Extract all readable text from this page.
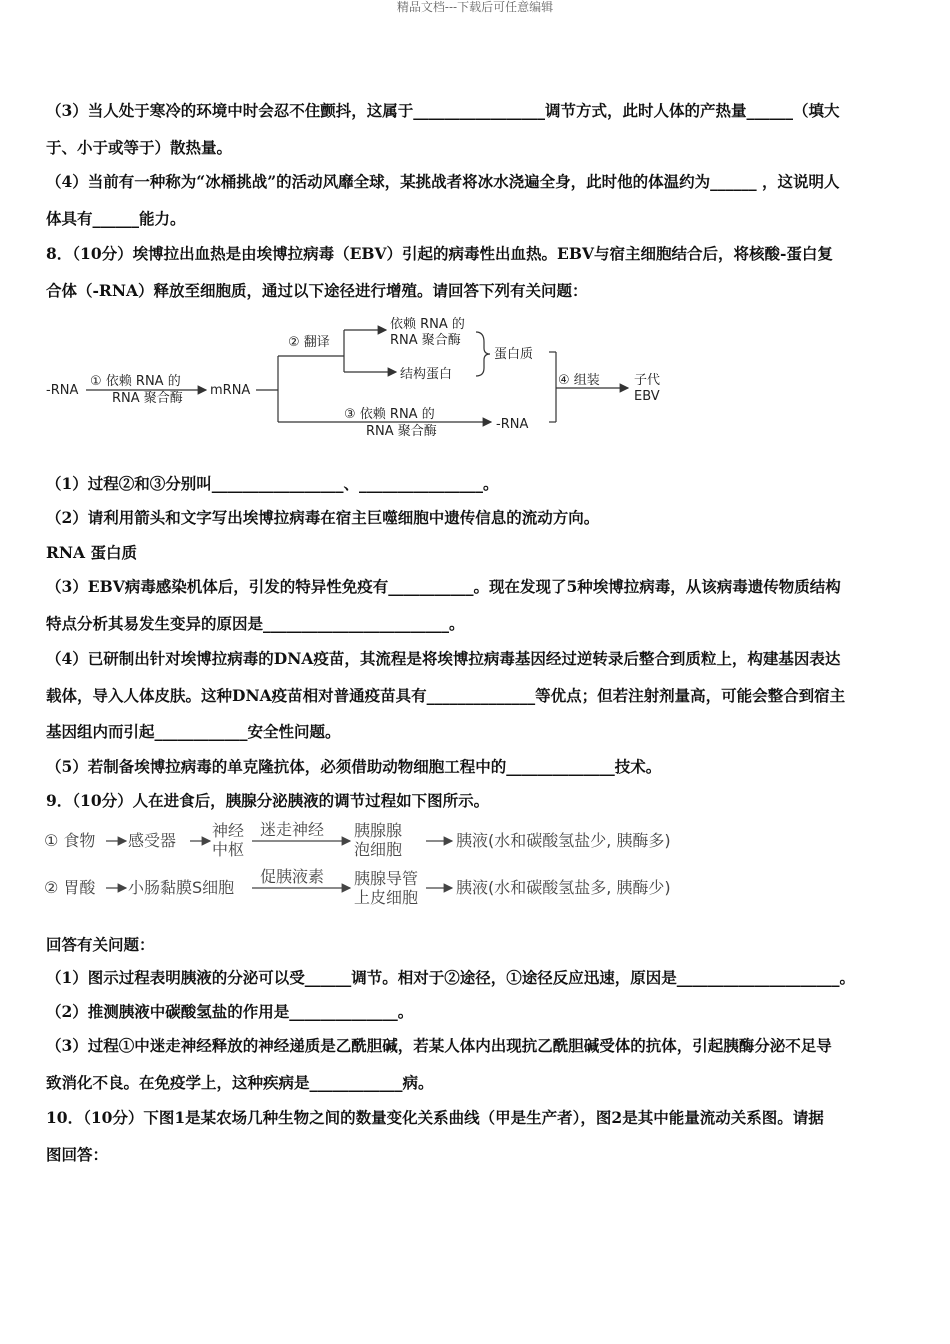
精品文档---下载后可任意编辑
（3）当人处于寒冷的环境中时会忍不住颤抖，这属于_________________调节方式，此时人体的产热量______（填大
于、小于或等于）散热量。
（4）当前有一种称为“冰桶挑战”的活动风靡全球，某挑战者将冰水浇遍全身，此时他的体温约为______ ，这说明人
体具有______能力。
8．（10分）埃博拉出血热是由埃博拉病毒（EBV）引起的病毒性出血热。EBV与宿主细胞结合后，将核酸-蛋白复
合体（-RNA）释放至细胞质，通过以下途径进行增殖。请回答下列有关问题：
-RNA
① 依赖 RNA 的
RNA 聚合酶
mRNA
② 翻译
依赖 RNA 的
RNA 聚合酶
结构蛋白
蛋白质
③ 依赖 RNA 的
RNA 聚合酶	-RNA
④ 组装	子代
EBV
（1）过程②和③分别叫_________________、________________。
（2）请利用箭头和文字写出埃博拉病毒在宿主巨噬细胞中遗传信息的流动方向。
RNA 蛋白质
（3）EBV病毒感染机体后，引发的特异性免疫有___________。现在发现了5种埃博拉病毒，从该病毒遗传物质结构
特点分析其易发生变异的原因是________________________。
（4）已研制出针对埃博拉病毒的DNA疫苗，其流程是将埃博拉病毒基因经过逆转录后整合到质粒上，构建基因表达
载体，导入人体皮肤。这种DNA疫苗相对普通疫苗具有______________等优点；但若注射剂量高，可能会整合到宿主
基因组内而引起____________安全性问题。
（5）若制备埃博拉病毒的单克隆抗体，必须借助动物细胞工程中的______________技术。
9．（10分）人在进食后，胰腺分泌胰液的调节过程如下图所示。
① 食物 感受器
神经
中枢
迷走神经 胰腺腺
泡细胞	胰液(水和碳酸氢盐少, 胰酶多)
② 胃酸 小肠黏膜S细胞
促胰液素 胰腺导管
上皮细胞
胰液(水和碳酸氢盐多, 胰酶少)
回答有关问题：
（1）图示过程表明胰液的分泌可以受______调节。相对于②途径，①途径反应迅速，原因是_____________________。
（2）推测胰液中碳酸氢盐的作用是______________。
（3）过程①中迷走神经释放的神经递质是乙酰胆碱，若某人体内出现抗乙酰胆碱受体的抗体，引起胰酶分泌不足导
致消化不良。在免疫学上，这种疾病是____________病。
10．（10分）下图1是某农场几种生物之间的数量变化关系曲线（甲是生产者），图2是其中能量流动关系图。请据
图回答：
